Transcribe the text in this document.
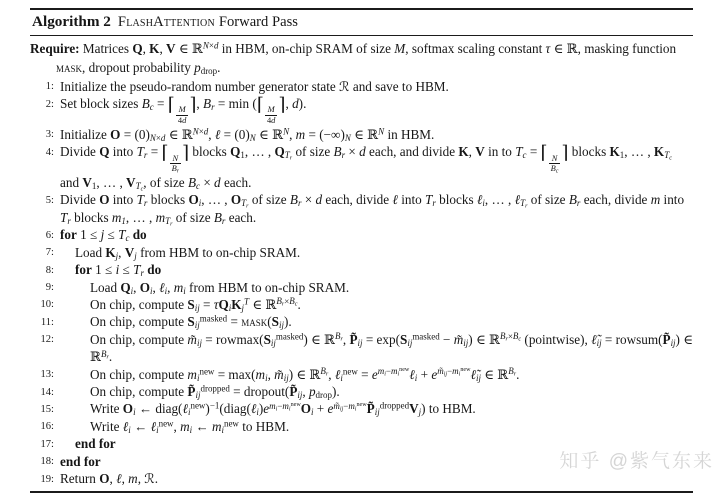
Algorithm 2 FlashAttention Forward Pass
Require: Matrices Q, K, V ∈ ℝ$^{N\times d}$ in HBM, on-chip SRAM of size M, softmax scaling constant τ ∈ ℝ, masking function mask, dropout probability $p_{drop}$.
1: Initialize the pseudo-random number generator state ℛ and save to HBM.
2: Set block sizes $B_c$ = ⌈
$\frac{M}{4d}$
⌉, $B_r = \min$ (⌈
$\frac{M}{4d}$
⌉, d).
3: Initialize $O = (0)_{N\times d}$ ∈ ℝ$^{N\times d}$, ℓ = $(0)_N$ ∈ ℝ$^N$, $m = (-\infty)_N$ ∈ ℝ$^N$ in HBM.
4: Divide Q into $T_r$ = ⌈
$\frac{N}{B_r}$
⌉ blocks $Q_1$, … , $Q_{T_r}$ of size $B_r \times d$ each, and divide K, V in to $T_c$ = ⌈
$\frac{N}{B_c}$
⌉ blocks $K_1$, … , $K_{T_c}$ and $V_1$, … , $V_{T_c}$, of size $B_c \times d$ each.
5: Divide O into $T_r$ blocks $O_i$, … , $O_{T_r}$ of size $B_r \times d$ each, divide ℓ into $T_r$ blocks ℓ$_i$, … , ℓ$_{T_r}$ of size $B_r$ each, divide m into $T_r$ blocks $m_1$, … , $m_{T_r}$ of size $B_r$ each.
6: for $1 \le j \le T_c$ do
7: Load $K_j$, $V_j$ from HBM to on-chip SRAM.
8: for $1 \le i \le T_r$ do
9:	Load $Q_i$, $O_i$, ℓ$_i$, $m_i$ from HBM to on-chip SRAM.
10:	On chip, compute $S_{ij} = \tau Q_iK_j^T$ ∈ ℝ$^{B_r\times B_c}$.
11:	On chip, compute $S_{ij}^{masked}$ = $mask(S_{ij})$.
12:	On chip, compute $m̃_{ij} = rowmax(S_{ij}^{masked})$ ∈ ℝ$^{B_r}$, $P̃_{ij} = \exp(S_{ij}^{masked}$ − $m̃_{ij}$) ∈ ℝ$^{B_r\times B_c}$ (pointwise), $\ell̃_{ij}$ = $rowsum(P̃_{ij})$ ∈ ℝ$^{B_r}$.
13:	On chip, compute $m_i^{new} = \max(m_i$, $m̃_{ij}$) ∈ ℝ$^{B_r}$, ℓ$_i^{new}$ = $e^{m_i-m_i^{new}}\ell_i$ + $e^{m̃_{ij}-m_i^{new}}\ell̃_{ij}$ ∈ ℝ$^{B_r}$.
14:	On chip, compute $P̃_{ij}^{dropped}$ = $dropout(P̃_{ij}$, $p_{drop}$).
15:	Write $O_i$ ← $diag(\ell_i^{new})^{-1}(diag(\ell_i)e^{m_i-m_i^{new}}O_i$ + $e^{m̃_{ij}-m_i^{new}}P̃_{ij}^{dropped}V_j$) to HBM.
16:	Write ℓ$_i$ ← ℓ$_i^{new}$, $m_i$ ← $m_i^{new}$ to HBM.
17: end for
18: end for
19: Return O, ℓ, m, ℛ.
知乎 @紫气东来
